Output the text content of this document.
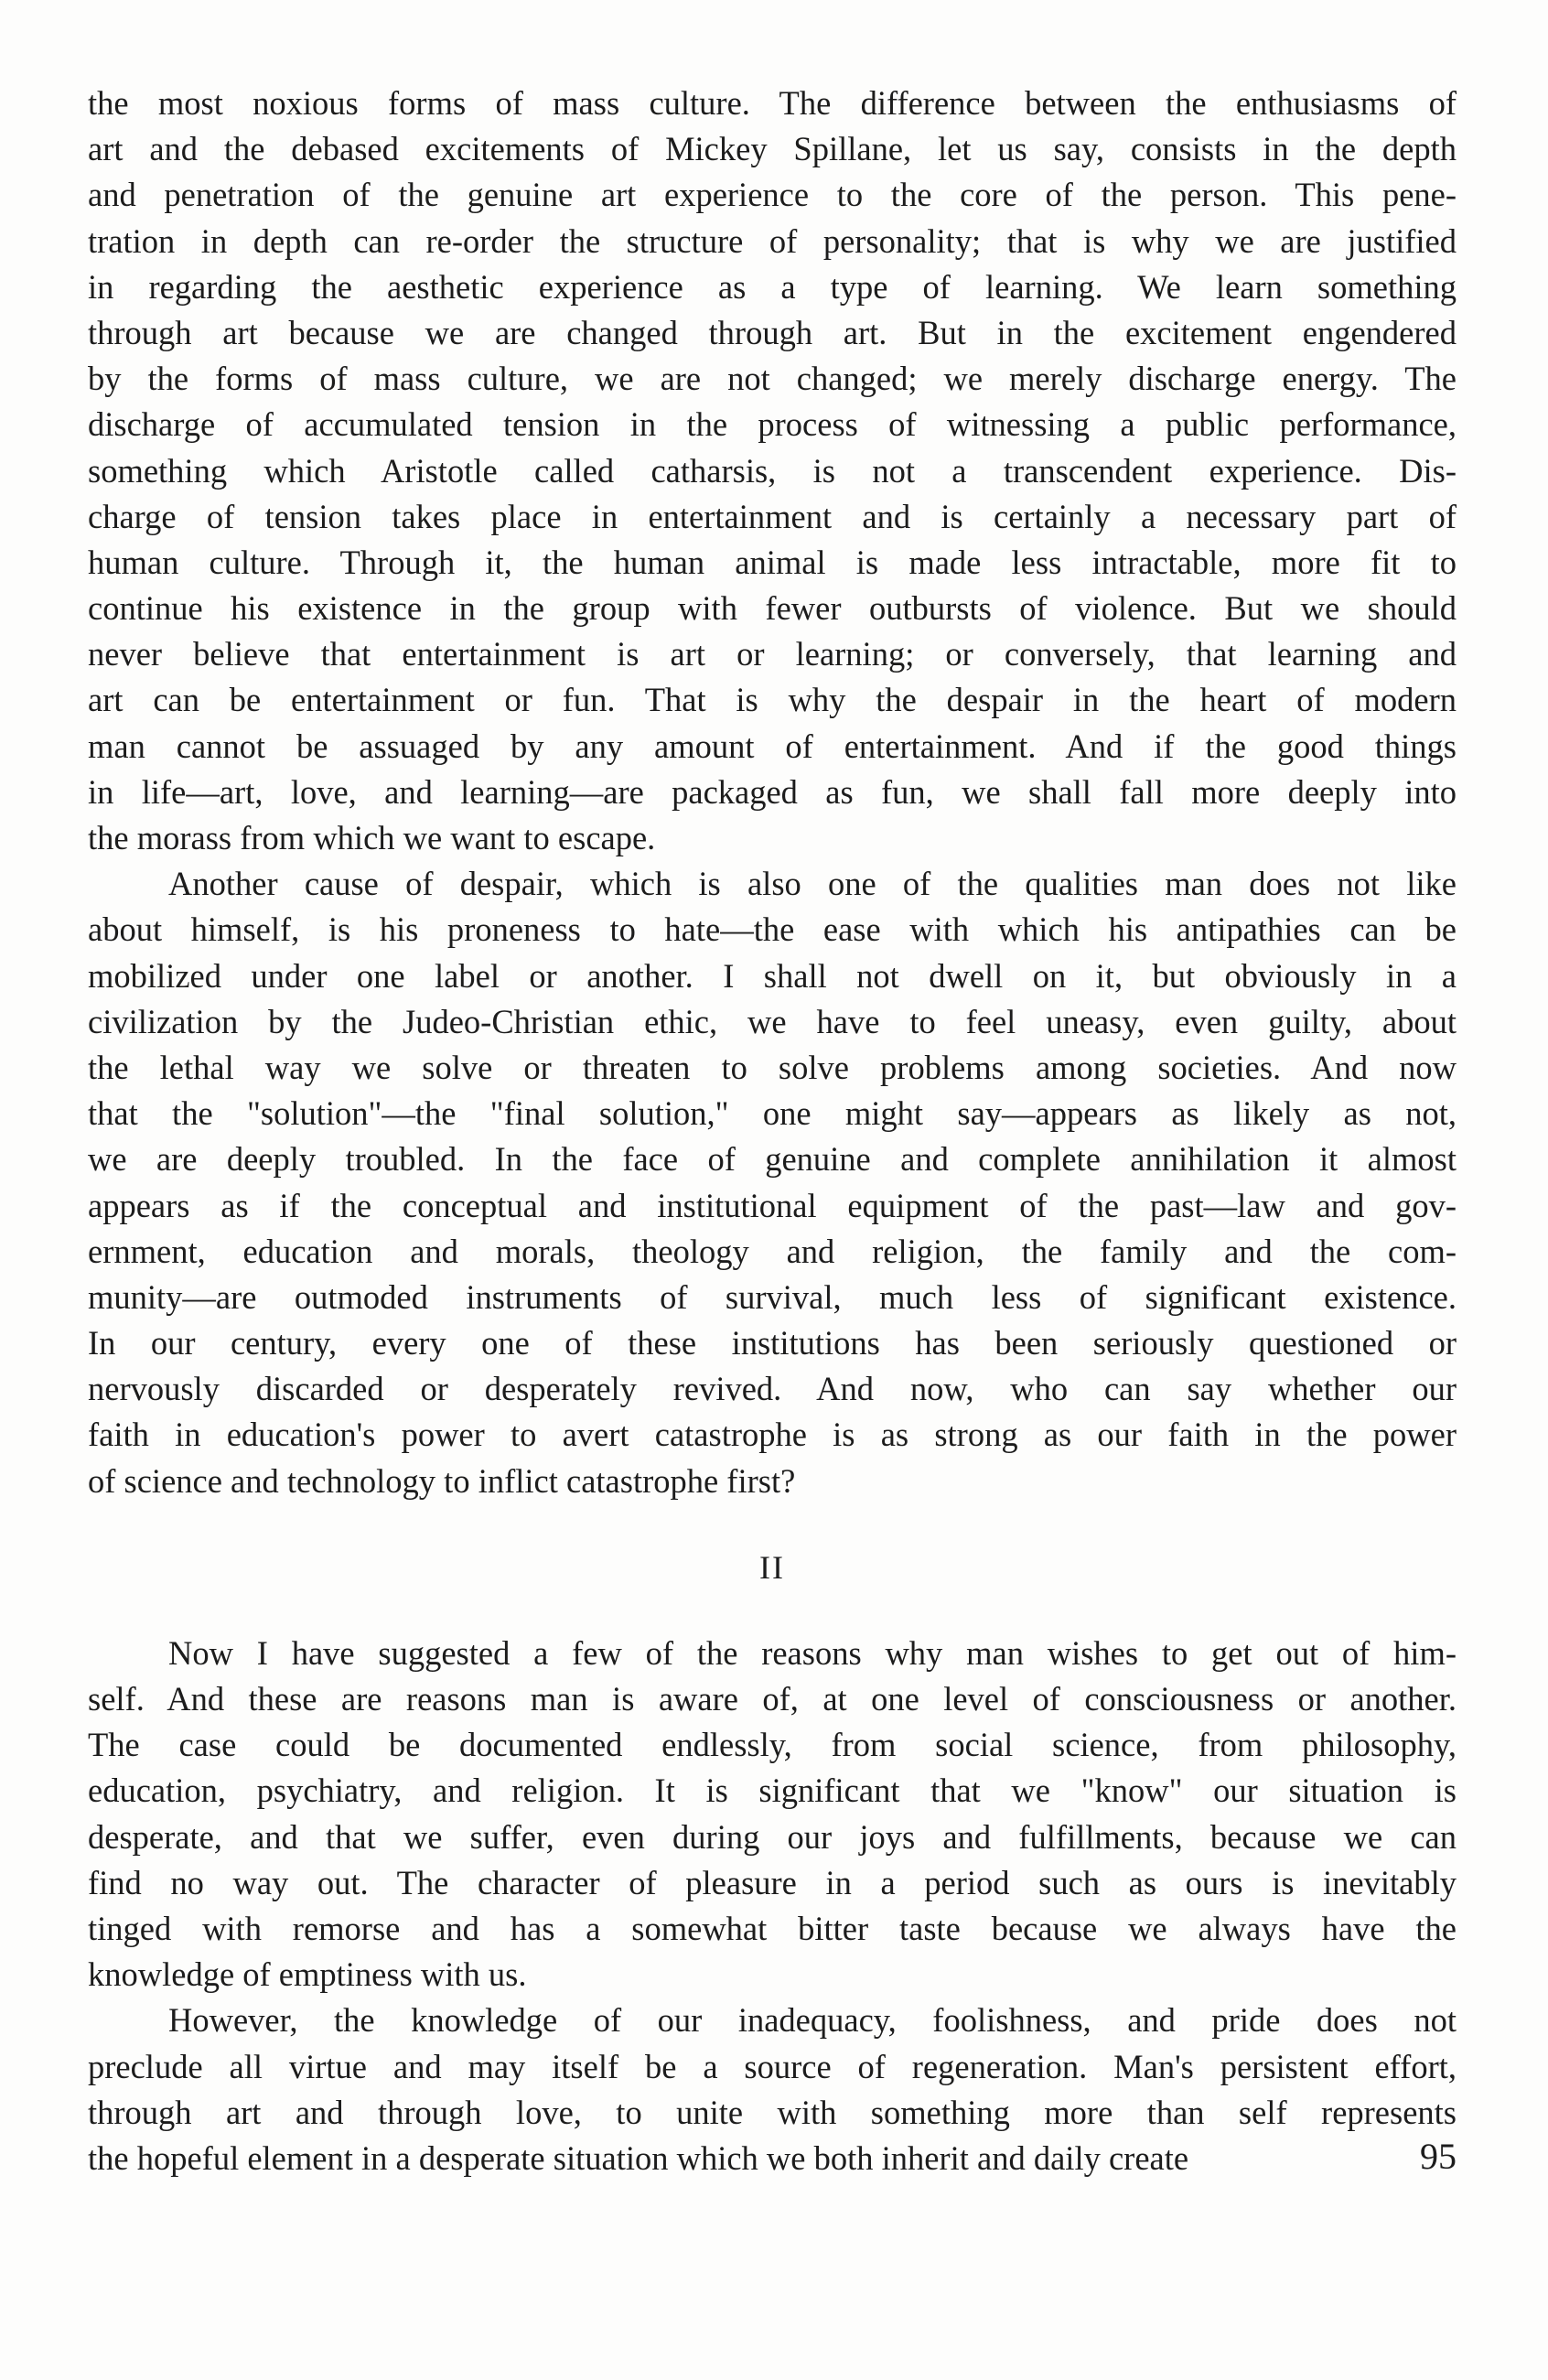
the most noxious forms of mass culture. The difference between the enthusiasms of
art and the debased excitements of Mickey Spillane, let us say, consists in the depth
and penetration of the genuine art experience to the core of the person. This pene-
tration in depth can re-order the structure of personality; that is why we are justified
in regarding the aesthetic experience as a type of learning. We learn something
through art because we are changed through art. But in the excitement engendered
by the forms of mass culture, we are not changed; we merely discharge energy. The
discharge of accumulated tension in the process of witnessing a public performance,
something which Aristotle called catharsis, is not a transcendent experience. Dis-
charge of tension takes place in entertainment and is certainly a necessary part of
human culture. Through it, the human animal is made less intractable, more fit to
continue his existence in the group with fewer outbursts of violence. But we should
never believe that entertainment is art or learning; or conversely, that learning and
art can be entertainment or fun. That is why the despair in the heart of modern
man cannot be assuaged by any amount of entertainment. And if the good things
in life—art, love, and learning—are packaged as fun, we shall fall more deeply into
the morass from which we want to escape.
Another cause of despair, which is also one of the qualities man does not like
about himself, is his proneness to hate—the ease with which his antipathies can be
mobilized under one label or another. I shall not dwell on it, but obviously in a
civilization by the Judeo-Christian ethic, we have to feel uneasy, even guilty, about
the lethal way we solve or threaten to solve problems among societies. And now
that the "solution"—the "final solution," one might say—appears as likely as not,
we are deeply troubled. In the face of genuine and complete annihilation it almost
appears as if the conceptual and institutional equipment of the past—law and gov-
ernment, education and morals, theology and religion, the family and the com-
munity—are outmoded instruments of survival, much less of significant existence.
In our century, every one of these institutions has been seriously questioned or
nervously discarded or desperately revived. And now, who can say whether our
faith in education's power to avert catastrophe is as strong as our faith in the power
of science and technology to inflict catastrophe first?
II
Now I have suggested a few of the reasons why man wishes to get out of him-
self. And these are reasons man is aware of, at one level of consciousness or another.
The case could be documented endlessly, from social science, from philosophy,
education, psychiatry, and religion. It is significant that we "know" our situation is
desperate, and that we suffer, even during our joys and fulfillments, because we can
find no way out. The character of pleasure in a period such as ours is inevitably
tinged with remorse and has a somewhat bitter taste because we always have the
knowledge of emptiness with us.
However, the knowledge of our inadequacy, foolishness, and pride does not
preclude all virtue and may itself be a source of regeneration. Man's persistent effort,
through art and through love, to unite with something more than self represents
the hopeful element in a desperate situation which we both inherit and daily create	95
